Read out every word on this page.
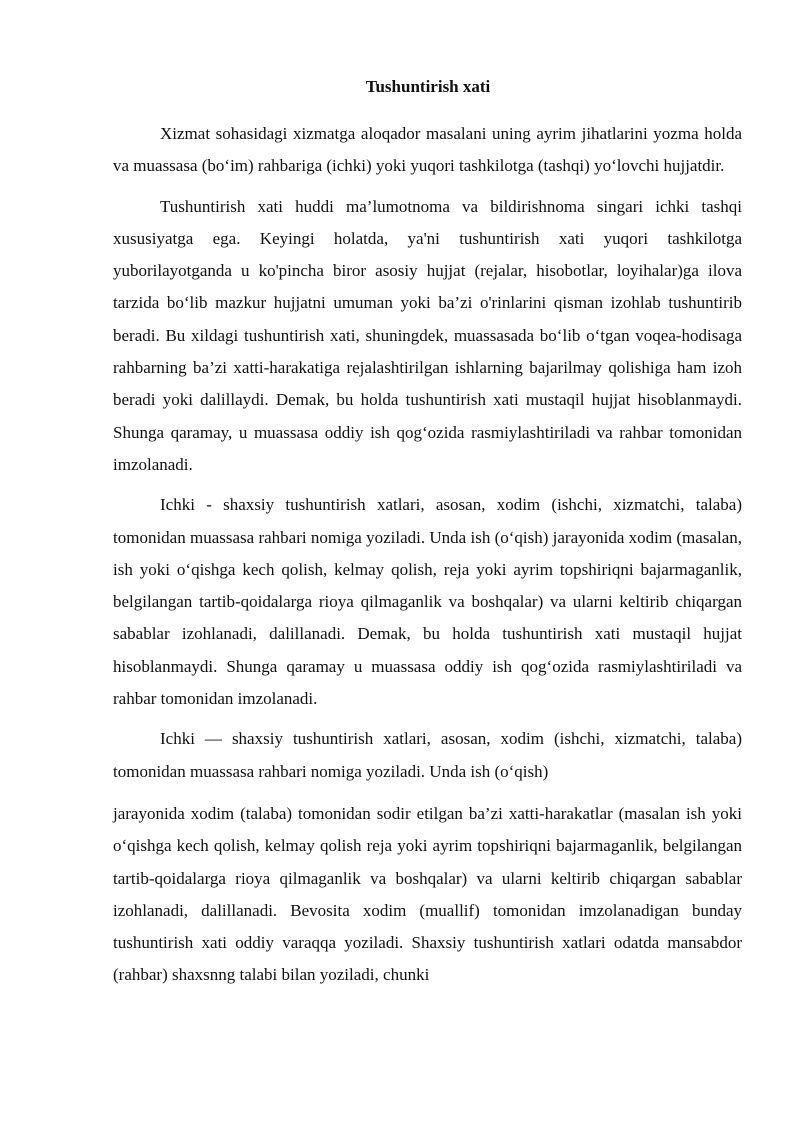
Tushuntirish xati

Xizmat sohasidagi xizmatga aloqador masalani uning ayrim jihatlarini yozma holda va muassasa (bo‘im) rahbariga (ichki) yoki yuqori tashkilotga (tashqi) yo‘lovchi hujjatdir.

Tushuntirish xati huddi ma’lumotnoma va bildirishnoma singari ichki tashqi xususiyatga ega. Keyingi holatda, ya'ni tushuntirish xati yuqori tashkilotga yuborilayotganda u ko'pincha biror asosiy hujjat (rejalar, hisobotlar, loyihalar)ga ilova tarzida bo‘lib mazkur hujjatni umuman yoki ba’zi o'rinlarini qisman izohlab tushuntirib beradi. Bu xildagi tushuntirish xati, shuningdek, muassasada bo‘lib o‘tgan voqea-hodisaga rahbarning ba’zi xatti-harakatiga rejalashtirilgan ishlarning bajarilmay qolishiga ham izoh beradi yoki dalillaydi. Demak, bu holda tushuntirish xati mustaqil hujjat hisoblanmaydi. Shunga qaramay, u muassasa oddiy ish qog‘ozida rasmiylashtiriladi va rahbar tomonidan imzolanadi.

Ichki - shaxsiy tushuntirish xatlari, asosan, xodim (ishchi, xizmatchi, talaba) tomonidan muassasa rahbari nomiga yoziladi. Unda ish (o‘qish) jarayonida xodim (masalan, ish yoki o‘qishga kech qolish, kelmay qolish, reja yoki ayrim topshiriqni bajarmaganlik, belgilangan tartib-qoidalarga rioya qilmaganlik va boshqalar) va ularni keltirib chiqargan sabablar izohlanadi, dalillanadi. Demak, bu holda tushuntirish xati mustaqil hujjat hisoblanmaydi. Shunga qaramay u muassasa oddiy ish qog‘ozida rasmiylashtiriladi va rahbar tomonidan imzolanadi.

Ichki — shaxsiy tushuntirish xatlari, asosan, xodim (ishchi, xizmatchi, talaba) tomonidan muassasa rahbari nomiga yoziladi. Unda ish (o‘qish)

jarayonida xodim (talaba) tomonidan sodir etilgan ba’zi xatti-harakatlar (masalan ish yoki o‘qishga kech qolish, kelmay qolish reja yoki ayrim topshiriqni bajarmaganlik, belgilangan tartib-qoidalarga rioya qilmaganlik va boshqalar) va ularni keltirib chiqargan sabablar izohlanadi, dalillanadi. Bevosita xodim (muallif) tomonidan imzolanadigan bunday tushuntirish xati oddiy varaqqa yoziladi. Shaxsiy tushuntirish xatlari odatda mansabdor (rahbar) shaxsnng talabi bilan yoziladi, chunki
